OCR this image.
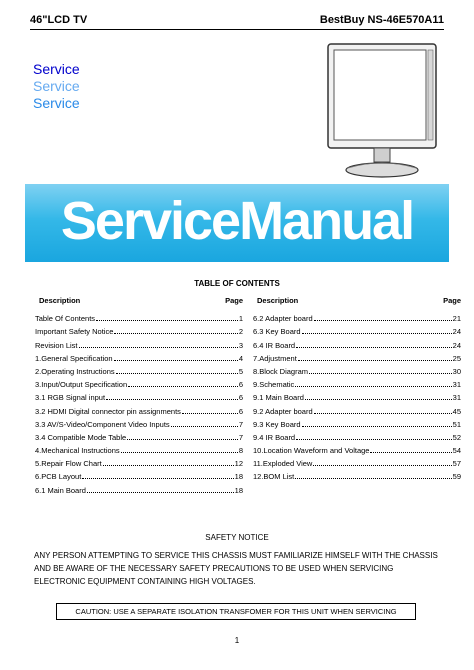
46"LCD TV	BestBuy NS-46E570A11
Service
Service
Service
ServiceManual
TABLE OF CONTENTS
Description	Page
Table Of Contents	1
Important Safety Notice	2
Revision List	3
1.General Specification	4
2.Operating Instructions	5
3.Input/Output Specification	6
3.1 RGB Signal input	6
3.2 HDMI Digital connector pin assignments	6
3.3 AV/S-Video/Component Video Inputs	7
3.4 Compatible Mode Table	7
4.Mechanical Instructions	8
5.Repair Flow Chart	12
6.PCB Layout	18
6.1 Main Board	18
Description	Page
6.2 Adapter board	21
6.3 Key Board	24
6.4 IR Board	24
7.Adjustment	25
8.Block Diagram	30
9.Schematic	31
9.1 Main Board	31
9.2 Adapter board	45
9.3 Key Board	51
9.4 IR Board	52
10.Location Waveform and Voltage	54
11.Exploded View	57
12.BOM List	59
SAFETY NOTICE
ANY PERSON ATTEMPTING TO SERVICE THIS CHASSIS MUST FAMILIARIZE HIMSELF WITH THE CHASSIS
AND BE AWARE OF THE NECESSARY SAFETY PRECAUTIONS TO BE USED WHEN SERVICING
ELECTRONIC EQUIPMENT CONTAINING HIGH VOLTAGES.
CAUTION: USE A SEPARATE ISOLATION TRANSFOMER FOR THIS UNIT WHEN SERVICING
1
